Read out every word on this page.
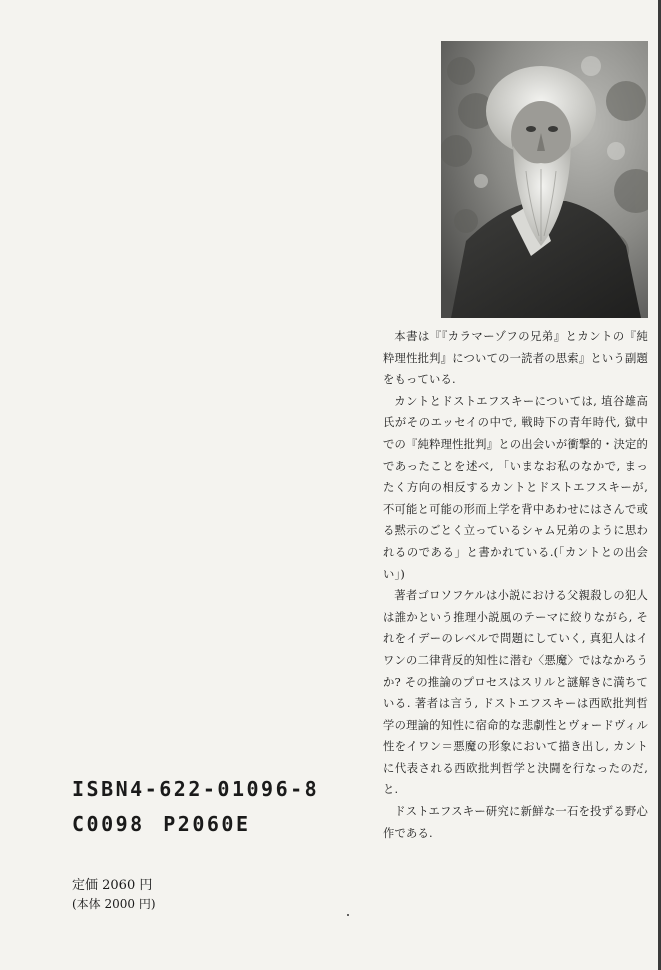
本書は『『カラマーゾフの兄弟』とカントの『純粋理性批判』についての一読者の思索』という副題をもっている.

カントとドストエフスキーについては, 埴谷雄高氏がそのエッセイの中で, 戦時下の青年時代, 獄中での『純粋理性批判』との出会いが衝撃的・決定的であったことを述べ, 「いまなお私のなかで, まったく方向の相反するカントとドストエフスキーが, 不可能と可能の形而上学を背中あわせにはさんで或る黙示のごとく立っているシャム兄弟のように思われるのである」と書かれている.(「カントとの出会い」)

著者ゴロソフケルは小説における父親殺しの犯人は誰かという推理小説風のテーマに絞りながら, それをイデーのレベルで問題にしていく, 真犯人はイワンの二律背反的知性に潜む〈悪魔〉ではなかろうか? その推論のプロセスはスリルと謎解きに満ちている. 著者は言う, ドストエフスキーは西欧批判哲学の理論的知性に宿命的な悲劇性とヴォードヴィル性をイワン＝悪魔の形象において描き出し, カントに代表される西欧批判哲学と決闘を行なったのだ, と.

ドストエフスキー研究に新鮮な一石を投ずる野心作である.

ISBN4-622-01096-8
C0098 P2060E
定価 2060 円
(本体 2000 円)
